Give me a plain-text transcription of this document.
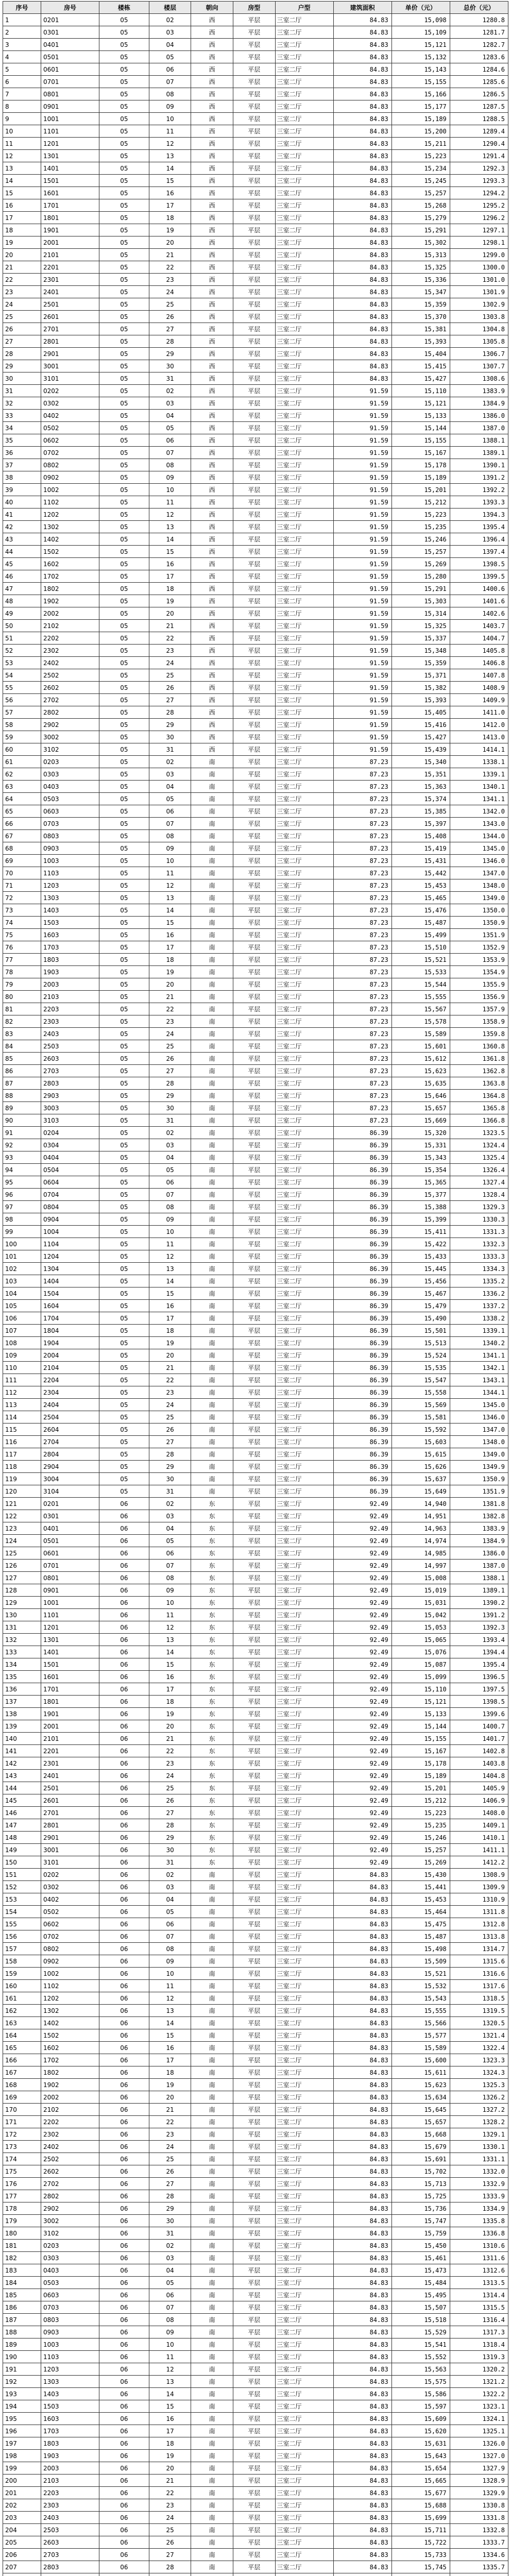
序号	房号	楼栋	楼层	朝向	房型	户型	建筑面积	单价（元）	总价（元）
1	0201	05	02	西	平层	三室二厅	84.83	15,098	1280.8
2	0301	05	03	西	平层	三室二厅	84.83	15,109	1281.7
3	0401	05	04	西	平层	三室二厅	84.83	15,121	1282.7
4	0501	05	05	西	平层	三室二厅	84.83	15,132	1283.6
5	0601	05	06	西	平层	三室二厅	84.83	15,143	1284.6
6	0701	05	07	西	平层	三室二厅	84.83	15,155	1285.6
7	0801	05	08	西	平层	三室二厅	84.83	15,166	1286.5
8	0901	05	09	西	平层	三室二厅	84.83	15,177	1287.5
9	1001	05	10	西	平层	三室二厅	84.83	15,189	1288.5
10	1101	05	11	西	平层	三室二厅	84.83	15,200	1289.4
11	1201	05	12	西	平层	三室二厅	84.83	15,211	1290.4
12	1301	05	13	西	平层	三室二厅	84.83	15,223	1291.4
13	1401	05	14	西	平层	三室二厅	84.83	15,234	1292.3
14	1501	05	15	西	平层	三室二厅	84.83	15,245	1293.3
15	1601	05	16	西	平层	三室二厅	84.83	15,257	1294.2
16	1701	05	17	西	平层	三室二厅	84.83	15,268	1295.2
17	1801	05	18	西	平层	三室二厅	84.83	15,279	1296.2
18	1901	05	19	西	平层	三室二厅	84.83	15,291	1297.1
19	2001	05	20	西	平层	三室二厅	84.83	15,302	1298.1
20	2101	05	21	西	平层	三室二厅	84.83	15,313	1299.0
21	2201	05	22	西	平层	三室二厅	84.83	15,325	1300.0
22	2301	05	23	西	平层	三室二厅	84.83	15,336	1301.0
23	2401	05	24	西	平层	三室二厅	84.83	15,347	1301.9
24	2501	05	25	西	平层	三室二厅	84.83	15,359	1302.9
25	2601	05	26	西	平层	三室二厅	84.83	15,370	1303.8
26	2701	05	27	西	平层	三室二厅	84.83	15,381	1304.8
27	2801	05	28	西	平层	三室二厅	84.83	15,393	1305.8
28	2901	05	29	西	平层	三室二厅	84.83	15,404	1306.7
29	3001	05	30	西	平层	三室二厅	84.83	15,415	1307.7
30	3101	05	31	西	平层	三室二厅	84.83	15,427	1308.6
31	0202	05	02	西	平层	三室二厅	91.59	15,110	1383.9
32	0302	05	03	西	平层	三室二厅	91.59	15,121	1384.9
33	0402	05	04	西	平层	三室二厅	91.59	15,133	1386.0
34	0502	05	05	西	平层	三室二厅	91.59	15,144	1387.0
35	0602	05	06	西	平层	三室二厅	91.59	15,155	1388.1
36	0702	05	07	西	平层	三室二厅	91.59	15,167	1389.1
37	0802	05	08	西	平层	三室二厅	91.59	15,178	1390.1
38	0902	05	09	西	平层	三室二厅	91.59	15,189	1391.2
39	1002	05	10	西	平层	三室二厅	91.59	15,201	1392.2
40	1102	05	11	西	平层	三室二厅	91.59	15,212	1393.3
41	1202	05	12	西	平层	三室二厅	91.59	15,223	1394.3
42	1302	05	13	西	平层	三室二厅	91.59	15,235	1395.4
43	1402	05	14	西	平层	三室二厅	91.59	15,246	1396.4
44	1502	05	15	西	平层	三室二厅	91.59	15,257	1397.4
45	1602	05	16	西	平层	三室二厅	91.59	15,269	1398.5
46	1702	05	17	西	平层	三室二厅	91.59	15,280	1399.5
47	1802	05	18	西	平层	三室二厅	91.59	15,291	1400.6
48	1902	05	19	西	平层	三室二厅	91.59	15,303	1401.6
49	2002	05	20	西	平层	三室二厅	91.59	15,314	1402.6
50	2102	05	21	西	平层	三室二厅	91.59	15,325	1403.7
51	2202	05	22	西	平层	三室二厅	91.59	15,337	1404.7
52	2302	05	23	西	平层	三室二厅	91.59	15,348	1405.8
53	2402	05	24	西	平层	三室二厅	91.59	15,359	1406.8
54	2502	05	25	西	平层	三室二厅	91.59	15,371	1407.8
55	2602	05	26	西	平层	三室二厅	91.59	15,382	1408.9
56	2702	05	27	西	平层	三室二厅	91.59	15,393	1409.9
57	2802	05	28	西	平层	三室二厅	91.59	15,405	1411.0
58	2902	05	29	西	平层	三室二厅	91.59	15,416	1412.0
59	3002	05	30	西	平层	三室二厅	91.59	15,427	1413.0
60	3102	05	31	西	平层	三室二厅	91.59	15,439	1414.1
61	0203	05	02	南	平层	三室二厅	87.23	15,340	1338.1
62	0303	05	03	南	平层	三室二厅	87.23	15,351	1339.1
63	0403	05	04	南	平层	三室二厅	87.23	15,363	1340.1
64	0503	05	05	南	平层	三室二厅	87.23	15,374	1341.1
65	0603	05	06	南	平层	三室二厅	87.23	15,385	1342.0
66	0703	05	07	南	平层	三室二厅	87.23	15,397	1343.0
67	0803	05	08	南	平层	三室二厅	87.23	15,408	1344.0
68	0903	05	09	南	平层	三室二厅	87.23	15,419	1345.0
69	1003	05	10	南	平层	三室二厅	87.23	15,431	1346.0
70	1103	05	11	南	平层	三室二厅	87.23	15,442	1347.0
71	1203	05	12	南	平层	三室二厅	87.23	15,453	1348.0
72	1303	05	13	南	平层	三室二厅	87.23	15,465	1349.0
73	1403	05	14	南	平层	三室二厅	87.23	15,476	1350.0
74	1503	05	15	南	平层	三室二厅	87.23	15,487	1350.9
75	1603	05	16	南	平层	三室二厅	87.23	15,499	1351.9
76	1703	05	17	南	平层	三室二厅	87.23	15,510	1352.9
77	1803	05	18	南	平层	三室二厅	87.23	15,521	1353.9
78	1903	05	19	南	平层	三室二厅	87.23	15,533	1354.9
79	2003	05	20	南	平层	三室二厅	87.23	15,544	1355.9
80	2103	05	21	南	平层	三室二厅	87.23	15,555	1356.9
81	2203	05	22	南	平层	三室二厅	87.23	15,567	1357.9
82	2303	05	23	南	平层	三室二厅	87.23	15,578	1358.9
83	2403	05	24	南	平层	三室二厅	87.23	15,589	1359.8
84	2503	05	25	南	平层	三室二厅	87.23	15,601	1360.8
85	2603	05	26	南	平层	三室二厅	87.23	15,612	1361.8
86	2703	05	27	南	平层	三室二厅	87.23	15,623	1362.8
87	2803	05	28	南	平层	三室二厅	87.23	15,635	1363.8
88	2903	05	29	南	平层	三室二厅	87.23	15,646	1364.8
89	3003	05	30	南	平层	三室二厅	87.23	15,657	1365.8
90	3103	05	31	南	平层	三室二厅	87.23	15,669	1366.8
91	0204	05	02	南	平层	三室二厅	86.39	15,320	1323.5
92	0304	05	03	南	平层	三室二厅	86.39	15,331	1324.4
93	0404	05	04	南	平层	三室二厅	86.39	15,343	1325.4
94	0504	05	05	南	平层	三室二厅	86.39	15,354	1326.4
95	0604	05	06	南	平层	三室二厅	86.39	15,365	1327.4
96	0704	05	07	南	平层	三室二厅	86.39	15,377	1328.4
97	0804	05	08	南	平层	三室二厅	86.39	15,388	1329.3
98	0904	05	09	南	平层	三室二厅	86.39	15,399	1330.3
99	1004	05	10	南	平层	三室二厅	86.39	15,411	1331.3
100	1104	05	11	南	平层	三室二厅	86.39	15,422	1332.3
101	1204	05	12	南	平层	三室二厅	86.39	15,433	1333.3
102	1304	05	13	南	平层	三室二厅	86.39	15,445	1334.3
103	1404	05	14	南	平层	三室二厅	86.39	15,456	1335.2
104	1504	05	15	南	平层	三室二厅	86.39	15,467	1336.2
105	1604	05	16	南	平层	三室二厅	86.39	15,479	1337.2
106	1704	05	17	南	平层	三室二厅	86.39	15,490	1338.2
107	1804	05	18	南	平层	三室二厅	86.39	15,501	1339.1
108	1904	05	19	南	平层	三室二厅	86.39	15,513	1340.2
109	2004	05	20	南	平层	三室二厅	86.39	15,524	1341.1
110	2104	05	21	南	平层	三室二厅	86.39	15,535	1342.1
111	2204	05	22	南	平层	三室二厅	86.39	15,547	1343.1
112	2304	05	23	南	平层	三室二厅	86.39	15,558	1344.1
113	2404	05	24	南	平层	三室二厅	86.39	15,569	1345.0
114	2504	05	25	南	平层	三室二厅	86.39	15,581	1346.0
115	2604	05	26	南	平层	三室二厅	86.39	15,592	1347.0
116	2704	05	27	南	平层	三室二厅	86.39	15,603	1348.0
117	2804	05	28	南	平层	三室二厅	86.39	15,615	1349.0
118	2904	05	29	南	平层	三室二厅	86.39	15,626	1349.9
119	3004	05	30	南	平层	三室二厅	86.39	15,637	1350.9
120	3104	05	31	南	平层	三室二厅	86.39	15,649	1351.9
121	0201	06	02	东	平层	三室二厅	92.49	14,940	1381.8
122	0301	06	03	东	平层	三室二厅	92.49	14,951	1382.8
123	0401	06	04	东	平层	三室二厅	92.49	14,963	1383.9
124	0501	06	05	东	平层	三室二厅	92.49	14,974	1384.9
125	0601	06	06	东	平层	三室二厅	92.49	14,985	1386.0
126	0701	06	07	东	平层	三室二厅	92.49	14,997	1387.0
127	0801	06	08	东	平层	三室二厅	92.49	15,008	1388.1
128	0901	06	09	东	平层	三室二厅	92.49	15,019	1389.1
129	1001	06	10	东	平层	三室二厅	92.49	15,031	1390.2
130	1101	06	11	东	平层	三室二厅	92.49	15,042	1391.2
131	1201	06	12	东	平层	三室二厅	92.49	15,053	1392.3
132	1301	06	13	东	平层	三室二厅	92.49	15,065	1393.4
133	1401	06	14	东	平层	三室二厅	92.49	15,076	1394.4
134	1501	06	15	东	平层	三室二厅	92.49	15,087	1395.4
135	1601	06	16	东	平层	三室二厅	92.49	15,099	1396.5
136	1701	06	17	东	平层	三室二厅	92.49	15,110	1397.5
137	1801	06	18	东	平层	三室二厅	92.49	15,121	1398.5
138	1901	06	19	东	平层	三室二厅	92.49	15,133	1399.6
139	2001	06	20	东	平层	三室二厅	92.49	15,144	1400.7
140	2101	06	21	东	平层	三室二厅	92.49	15,155	1401.7
141	2201	06	22	东	平层	三室二厅	92.49	15,167	1402.8
142	2301	06	23	东	平层	三室二厅	92.49	15,178	1403.8
143	2401	06	24	东	平层	三室二厅	92.49	15,189	1404.8
144	2501	06	25	东	平层	三室二厅	92.49	15,201	1405.9
145	2601	06	26	东	平层	三室二厅	92.49	15,212	1406.9
146	2701	06	27	东	平层	三室二厅	92.49	15,223	1408.0
147	2801	06	28	东	平层	三室二厅	92.49	15,235	1409.1
148	2901	06	29	东	平层	三室二厅	92.49	15,246	1410.1
149	3001	06	30	东	平层	三室二厅	92.49	15,257	1411.1
150	3101	06	31	东	平层	三室二厅	92.49	15,269	1412.2
151	0202	06	02	南	平层	三室二厅	84.83	15,430	1308.9
152	0302	06	03	南	平层	三室二厅	84.83	15,441	1309.9
153	0402	06	04	南	平层	三室二厅	84.83	15,453	1310.9
154	0502	06	05	南	平层	三室二厅	84.83	15,464	1311.8
155	0602	06	06	南	平层	三室二厅	84.83	15,475	1312.8
156	0702	06	07	南	平层	三室二厅	84.83	15,487	1313.8
157	0802	06	08	南	平层	三室二厅	84.83	15,498	1314.7
158	0902	06	09	南	平层	三室二厅	84.83	15,509	1315.6
159	1002	06	10	南	平层	三室二厅	84.83	15,521	1316.6
160	1102	06	11	南	平层	三室二厅	84.83	15,532	1317.6
161	1202	06	12	南	平层	三室二厅	84.83	15,543	1318.5
162	1302	06	13	南	平层	三室二厅	84.83	15,555	1319.5
163	1402	06	14	南	平层	三室二厅	84.83	15,566	1320.5
164	1502	06	15	南	平层	三室二厅	84.83	15,577	1321.4
165	1602	06	16	南	平层	三室二厅	84.83	15,589	1322.4
166	1702	06	17	南	平层	三室二厅	84.83	15,600	1323.3
167	1802	06	18	南	平层	三室二厅	84.83	15,611	1324.3
168	1902	06	19	南	平层	三室二厅	84.83	15,623	1325.3
169	2002	06	20	南	平层	三室二厅	84.83	15,634	1326.2
170	2102	06	21	南	平层	三室二厅	84.83	15,645	1327.2
171	2202	06	22	南	平层	三室二厅	84.83	15,657	1328.2
172	2302	06	23	南	平层	三室二厅	84.83	15,668	1329.1
173	2402	06	24	南	平层	三室二厅	84.83	15,679	1330.1
174	2502	06	25	南	平层	三室二厅	84.83	15,691	1331.1
175	2602	06	26	南	平层	三室二厅	84.83	15,702	1332.0
176	2702	06	27	南	平层	三室二厅	84.83	15,713	1332.9
177	2802	06	28	南	平层	三室二厅	84.83	15,725	1333.9
178	2902	06	29	南	平层	三室二厅	84.83	15,736	1334.9
179	3002	06	30	南	平层	三室二厅	84.83	15,747	1335.8
180	3102	06	31	南	平层	三室二厅	84.83	15,759	1336.8
181	0203	06	02	南	平层	三室二厅	84.83	15,450	1310.6
182	0303	06	03	南	平层	三室二厅	84.83	15,461	1311.6
183	0403	06	04	南	平层	三室二厅	84.83	15,473	1312.6
184	0503	06	05	南	平层	三室二厅	84.83	15,484	1313.5
185	0603	06	06	南	平层	三室二厅	84.83	15,495	1314.4
186	0703	06	07	南	平层	三室二厅	84.83	15,507	1315.5
187	0803	06	08	南	平层	三室二厅	84.83	15,518	1316.4
188	0903	06	09	南	平层	三室二厅	84.83	15,529	1317.3
189	1003	06	10	南	平层	三室二厅	84.83	15,541	1318.4
190	1103	06	11	南	平层	三室二厅	84.83	15,552	1319.3
191	1203	06	12	南	平层	三室二厅	84.83	15,563	1320.2
192	1303	06	13	南	平层	三室二厅	84.83	15,575	1321.2
193	1403	06	14	南	平层	三室二厅	84.83	15,586	1322.2
194	1503	06	15	南	平层	三室二厅	84.83	15,597	1323.1
195	1603	06	16	南	平层	三室二厅	84.83	15,609	1324.1
196	1703	06	17	南	平层	三室二厅	84.83	15,620	1325.1
197	1803	06	18	南	平层	三室二厅	84.83	15,631	1326.0
198	1903	06	19	南	平层	三室二厅	84.83	15,643	1327.0
199	2003	06	20	南	平层	三室二厅	84.83	15,654	1327.9
200	2103	06	21	南	平层	三室二厅	84.83	15,665	1328.9
201	2203	06	22	南	平层	三室二厅	84.83	15,677	1329.9
202	2303	06	23	南	平层	三室二厅	84.83	15,688	1330.8
203	2403	06	24	南	平层	三室二厅	84.83	15,699	1331.8
204	2503	06	25	南	平层	三室二厅	84.83	15,711	1332.8
205	2603	06	26	南	平层	三室二厅	84.83	15,722	1333.7
206	2703	06	27	南	平层	三室二厅	84.83	15,733	1334.6
207	2803	06	28	南	平层	三室二厅	84.83	15,745	1335.7
